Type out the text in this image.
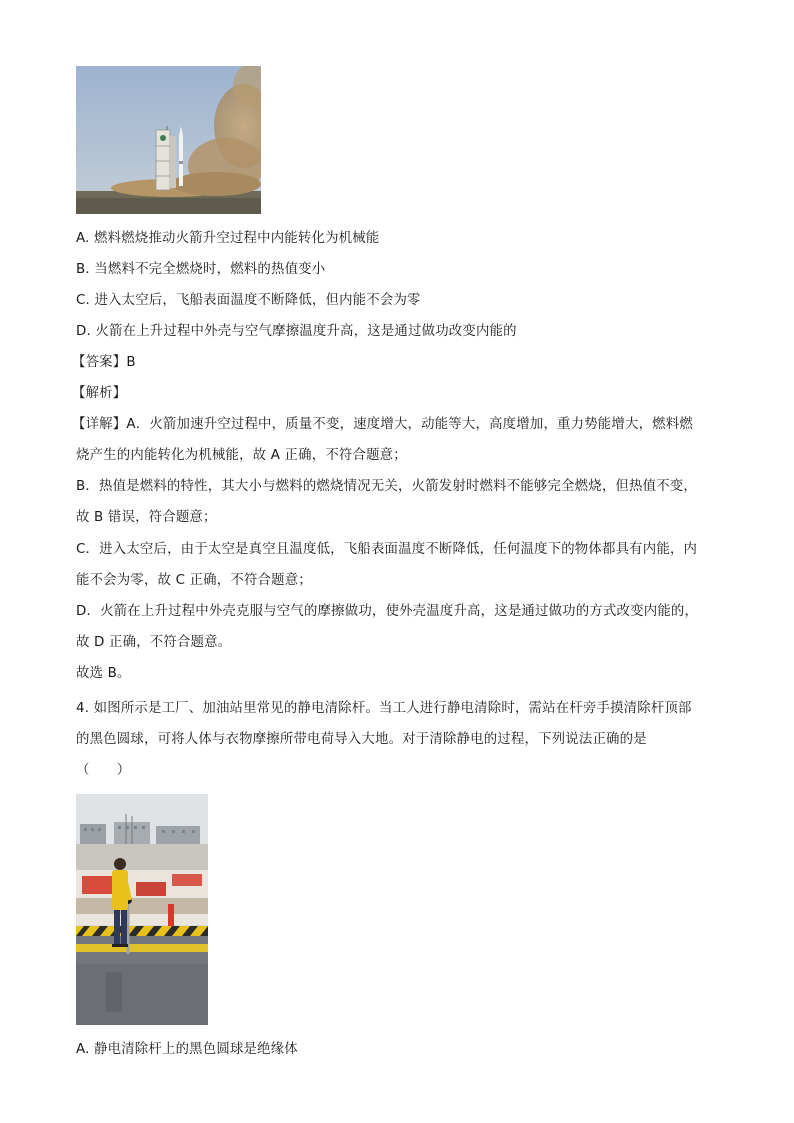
A. 燃料燃烧推动火箭升空过程中内能转化为机械能
B. 当燃料不完全燃烧时，燃料的热值变小
C. 进入太空后，飞船表面温度不断降低，但内能不会为零
D. 火箭在上升过程中外壳与空气摩擦温度升高，这是通过做功改变内能的
【答案】B
【解析】
【详解】A．火箭加速升空过程中，质量不变，速度增大，动能等大，高度增加，重力势能增大，燃料燃
烧产生的内能转化为机械能，故 A 正确，不符合题意；
B．热值是燃料的特性，其大小与燃料的燃烧情况无关，火箭发射时燃料不能够完全燃烧，但热值不变，
故 B 错误，符合题意；
C．进入太空后，由于太空是真空且温度低，飞船表面温度不断降低，任何温度下的物体都具有内能，内
能不会为零，故 C 正确，不符合题意；
D．火箭在上升过程中外壳克服与空气的摩擦做功，使外壳温度升高，这是通过做功的方式改变内能的，
故 D 正确，不符合题意。
故选 B。
4. 如图所示是工厂、加油站里常见的静电清除杆。当工人进行静电清除时，需站在杆旁手摸清除杆顶部
的黑色圆球，可将人体与衣物摩擦所带电荷导入大地。对于清除静电的过程，下列说法正确的是
（　　）
A. 静电清除杆上的黑色圆球是绝缘体
